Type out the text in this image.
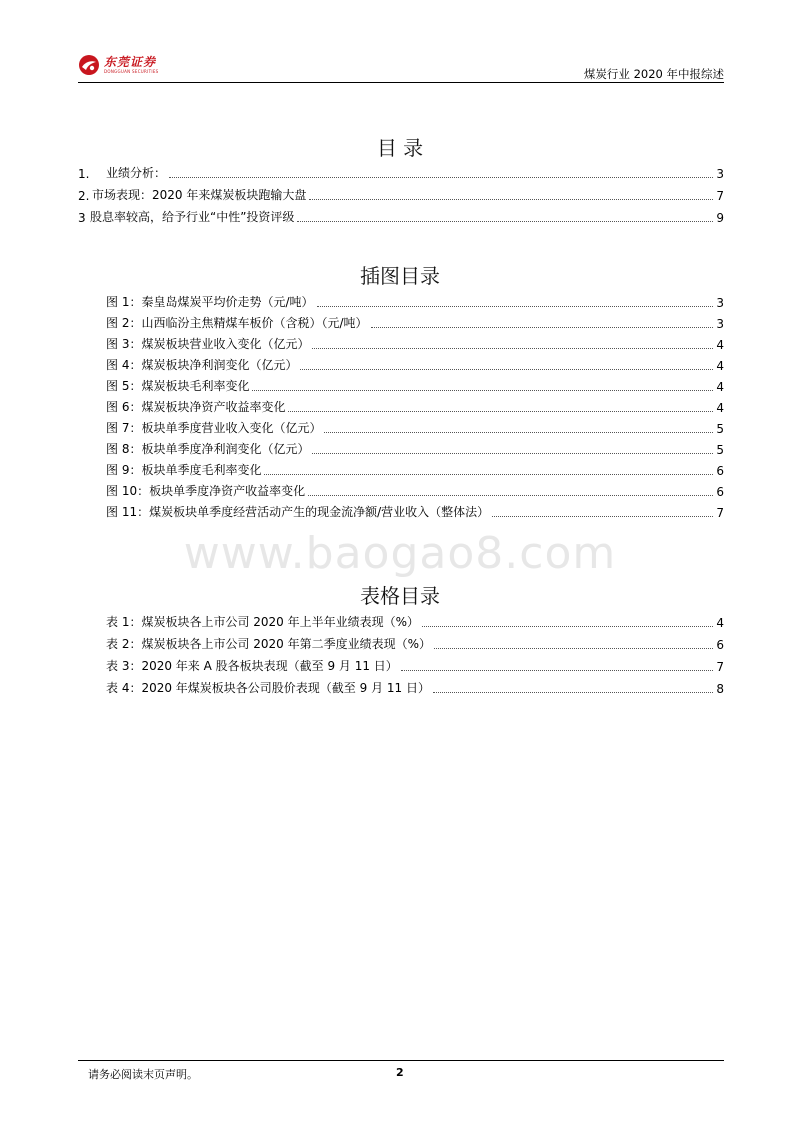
东莞证券
DONGGUAN SECURITIES	煤炭行业 2020 年中报综述
目 录
1.	业绩分析：	3
2. 市场表现：2020 年来煤炭板块跑输大盘	7
3 股息率较高，给予行业“中性”投资评级	9
插图目录
图 1：秦皇岛煤炭平均价走势（元/吨）	3
图 2：山西临汾主焦精煤车板价（含税）（元/吨）	3
图 3：煤炭板块营业收入变化（亿元）	4
图 4：煤炭板块净利润变化（亿元）	4
图 5：煤炭板块毛利率变化	4
图 6：煤炭板块净资产收益率变化	4
图 7：板块单季度营业收入变化（亿元）	5
图 8：板块单季度净利润变化（亿元）	5
图 9：板块单季度毛利率变化	6
图 10：板块单季度净资产收益率变化	6
图 11：煤炭板块单季度经营活动产生的现金流净额/营业收入（整体法）	7
www.baogao8.com
表格目录
表 1：煤炭板块各上市公司 2020 年上半年业绩表现（%）	4
表 2：煤炭板块各上市公司 2020 年第二季度业绩表现（%）	6
表 3：2020 年来 A 股各板块表现（截至 9 月 11 日）	7
表 4：2020 年煤炭板块各公司股价表现（截至 9 月 11 日）	8
请务必阅读末页声明。	2
